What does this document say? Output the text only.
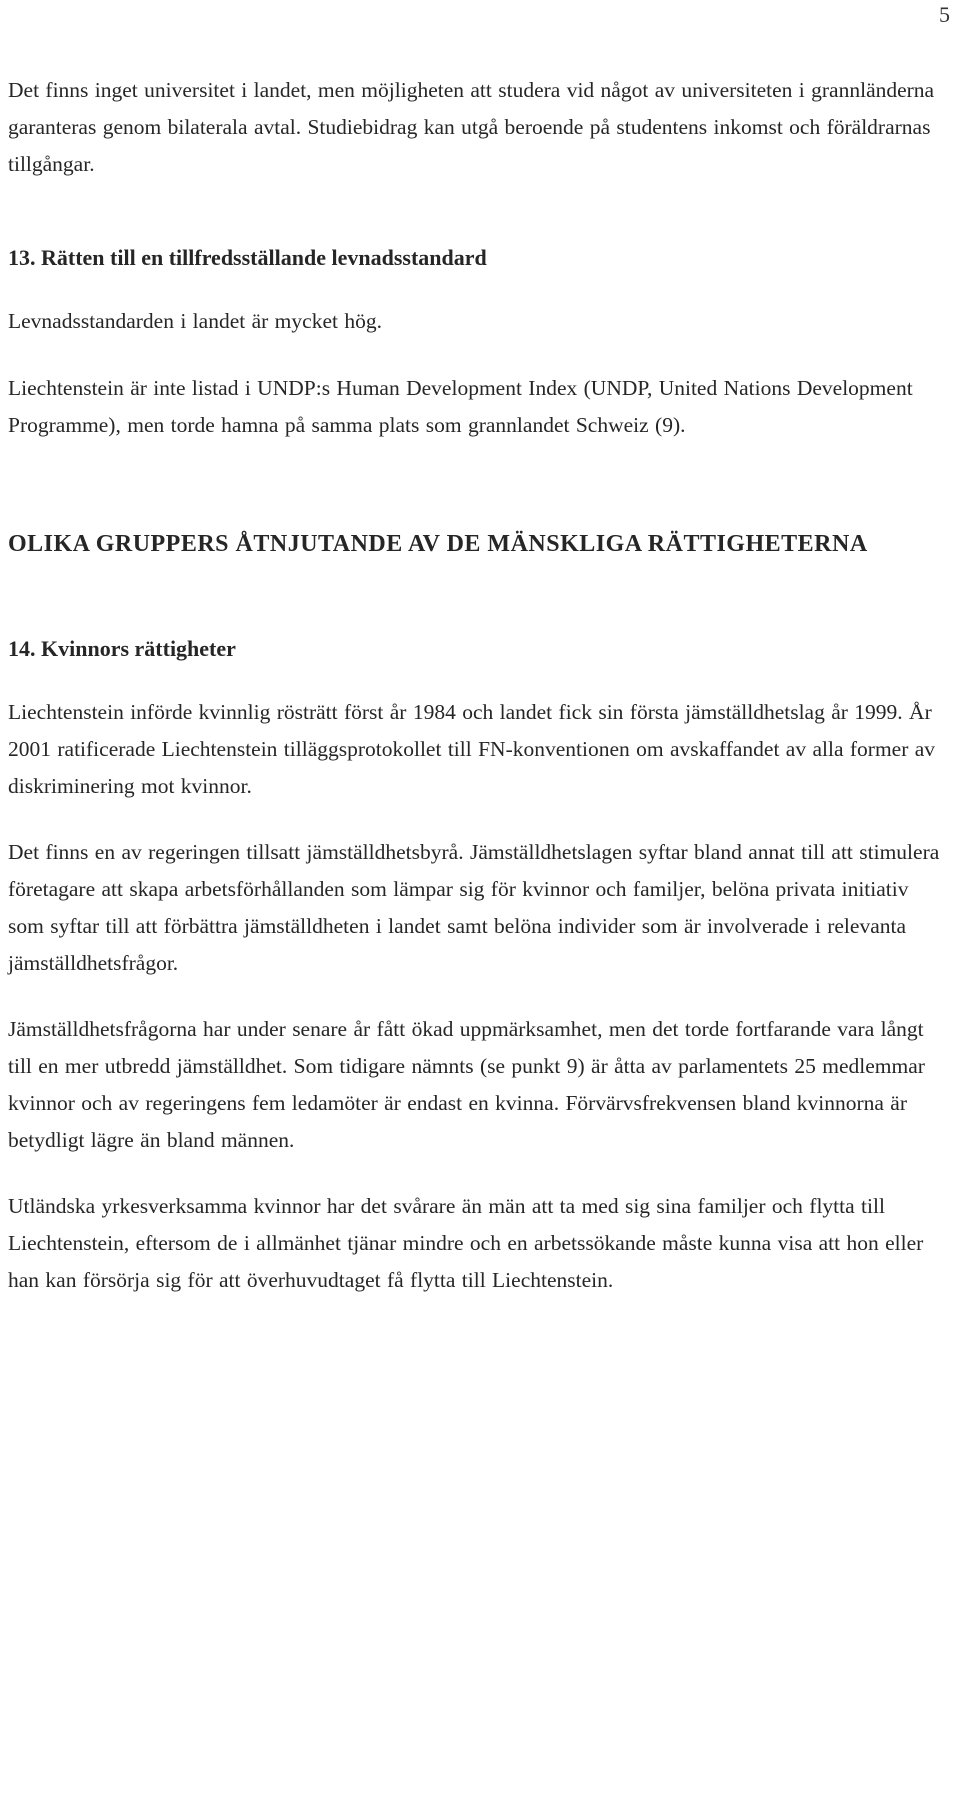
5

Det finns inget universitet i landet, men möjligheten att studera vid något av universiteten i grannländerna garanteras genom bilaterala avtal. Studiebidrag kan utgå beroende på studentens inkomst och föräldrarnas tillgångar.

13. Rätten till en tillfredsställande levnadsstandard

Levnadsstandarden i landet är mycket hög.

Liechtenstein är inte listad i UNDP:s Human Development Index (UNDP, United Nations Development Programme), men torde hamna på samma plats som grannlandet Schweiz (9).

OLIKA GRUPPERS ÅTNJUTANDE AV DE MÄNSKLIGA RÄTTIGHETERNA
14. Kvinnors rättigheter

Liechtenstein införde kvinnlig rösträtt först år 1984 och landet fick sin första jämställdhetslag år 1999. År 2001 ratificerade Liechtenstein tilläggsprotokollet till FN-konventionen om avskaffandet av alla former av diskriminering mot kvinnor.

Det finns en av regeringen tillsatt jämställdhetsbyrå. Jämställdhetslagen syftar bland annat till att stimulera företagare att skapa arbetsförhållanden som lämpar sig för kvinnor och familjer, belöna privata initiativ som syftar till att förbättra jämställdheten i landet samt belöna individer som är involverade i relevanta jämställdhetsfrågor.

Jämställdhetsfrågorna har under senare år fått ökad uppmärksamhet, men det torde fortfarande vara långt till en mer utbredd jämställdhet. Som tidigare nämnts (se punkt 9) är åtta av parlamentets 25 medlemmar kvinnor och av regeringens fem ledamöter är endast en kvinna. Förvärvsfrekvensen bland kvinnorna är betydligt lägre än bland männen.

Utländska yrkesverksamma kvinnor har det svårare än män att ta med sig sina familjer och flytta till Liechtenstein, eftersom de i allmänhet tjänar mindre och en arbetssökande måste kunna visa att hon eller han kan försörja sig för att överhuvudtaget få flytta till Liechtenstein.
